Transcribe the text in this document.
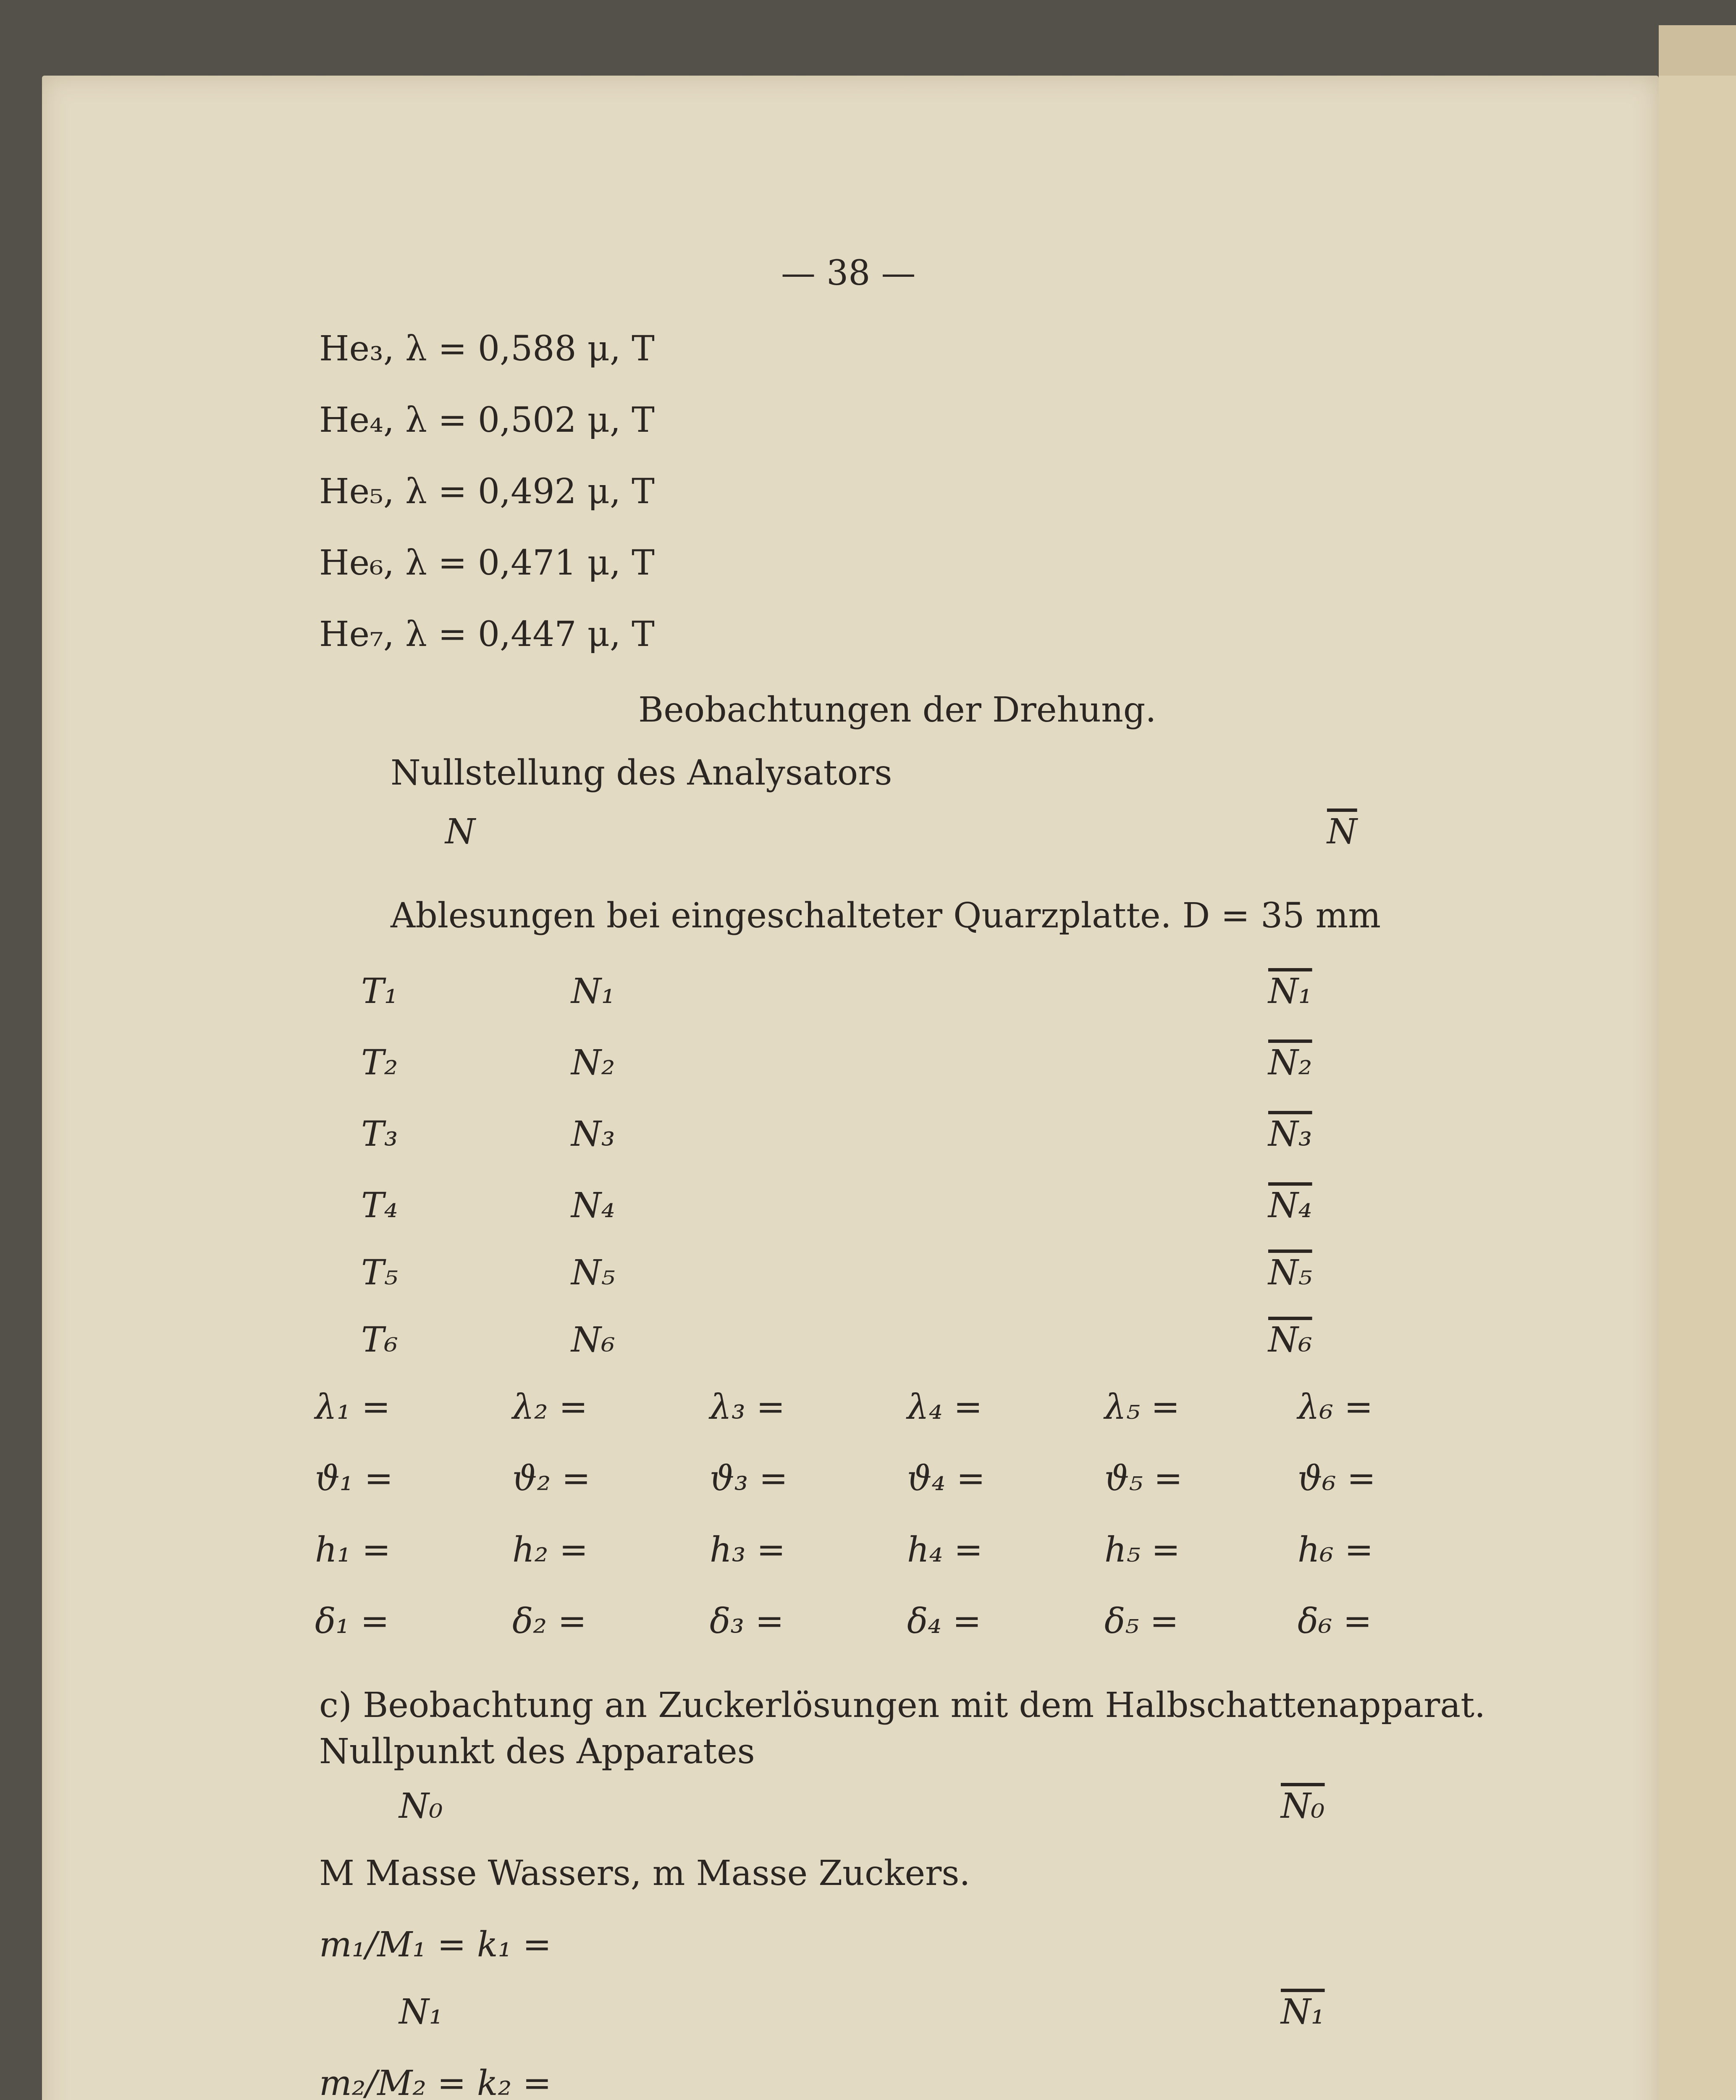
— 38 —
He₃, λ = 0,588 μ, T
He₄, λ = 0,502 μ, T
He₅, λ = 0,492 μ, T
He₆, λ = 0,471 μ, T
He₇, λ = 0,447 μ, T
Beobachtungen der Drehung.
Nullstellung des Analysators
N	$\overline{N}$
Ablesungen bei eingeschalteter Quarzplatte. D = 35 mm
T₁	N₁	N₁
T₂	N₂	N₂
T₃	N₃	N₃
T₄	N₄	N₄
T₅	N₅	N₅
T₆	N₆	N₆
λ₁ =	λ₂ =	λ₃ =	λ₄ =	λ₅ =	λ₆ =
ϑ₁ =	ϑ₂ =	ϑ₃ =	ϑ₄ =	ϑ₅ =	ϑ₆ =
h₁ =	h₂ =	h₃ =	h₄ =	h₅ =	h₆ =
δ₁ =	δ₂ =	δ₃ =	δ₄ =	δ₅ =	δ₆ =
c) Beobachtung an Zuckerlösungen mit dem Halbschattenapparat.
Nullpunkt des Apparates
N₀	N₀
M Masse Wassers, m Masse Zuckers.
m₁/M₁ = k₁ =
N₁	N₁
m₂/M₂ = k₂ =
